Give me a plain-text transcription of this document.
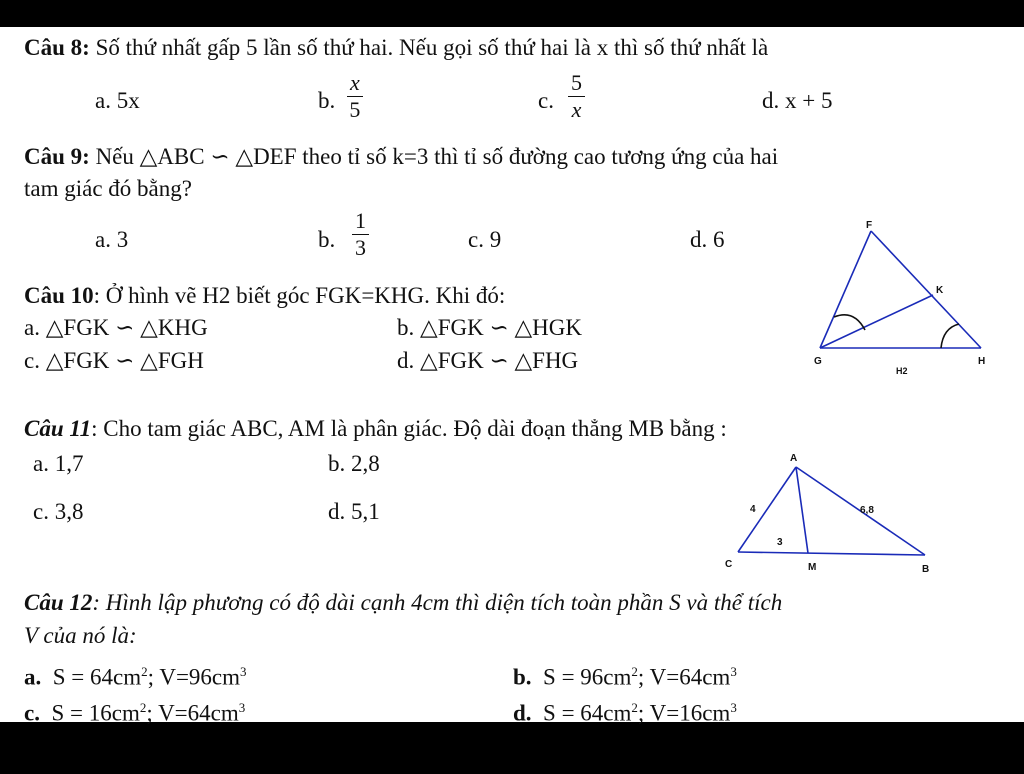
Câu 8: Số thứ nhất gấp 5 lần số thứ hai. Nếu gọi số thứ hai là x thì số thứ nhất là
a. 5x	b. $\frac{x}{5}$	c. $\frac{5}{x}$	d. x + 5
Câu 9: Nếu △ABC ∽ △DEF theo tỉ số k=3 thì tỉ số đường cao tương ứng của hai
tam giác đó bằng?
a. 3	b. $\frac{1}{3}$	c. 9	d. 6
Câu 10: Ở hình vẽ H2 biết góc FGK=KHG. Khi đó:
a. △FGK ∽ △KHG	b. △FGK ∽ △HGK
c. △FGK ∽ △FGH	d. △FGK ∽ △FHG
F
K
G	H
H2
Câu 11: Cho tam giác ABC, AM là phân giác. Độ dài đoạn thẳng MB bằng :
a. 1,7	b. 2,8
c. 3,8	d. 5,1
A
C	M	B
4	6,8
3
Câu 12: Hình lập phương có độ dài cạnh 4cm thì diện tích toàn phần S và thể tích
V của nó là:
a. $S = 64cm^2$; $V=96cm^3$	b. $S = 96cm^2$; $V=64cm^3$
c. $S = 16cm^2$; $V=64cm^3$	d. $S = 64cm^2$; $V=16cm^3$
